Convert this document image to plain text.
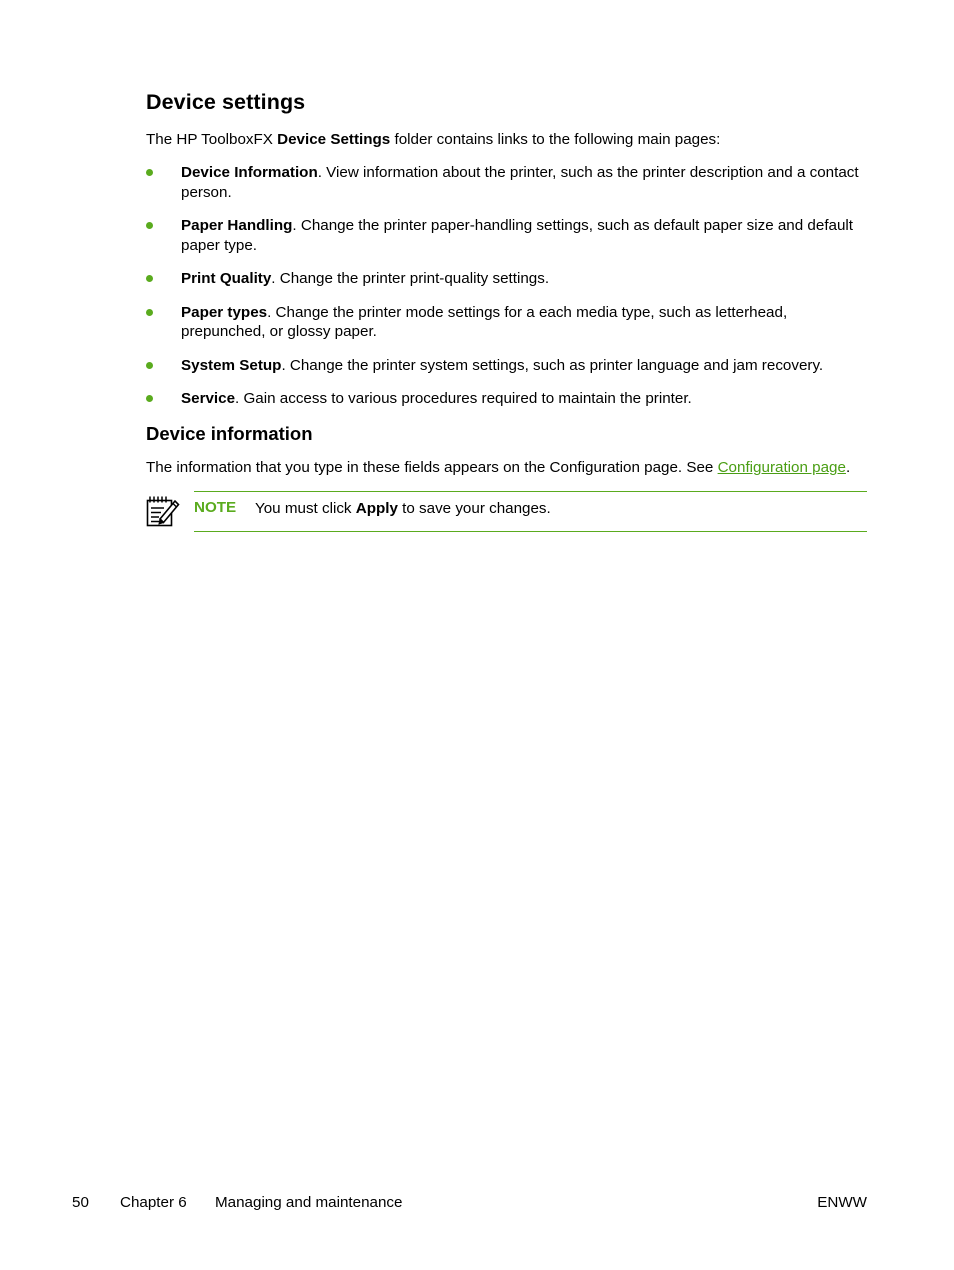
Device settings

The HP ToolboxFX Device Settings folder contains links to the following main pages:

Device Information. View information about the printer, such as the printer description and a contact person.
Paper Handling. Change the printer paper-handling settings, such as default paper size and default paper type.
Print Quality. Change the printer print-quality settings.
Paper types. Change the printer mode settings for a each media type, such as letterhead, prepunched, or glossy paper.
System Setup. Change the printer system settings, such as printer language and jam recovery.
Service. Gain access to various procedures required to maintain the printer.
Device information

The information that you type in these fields appears on the Configuration page. See Configuration page.

NOTE You must click Apply to save your changes.
50 Chapter 6 Managing and maintenance	ENWW
